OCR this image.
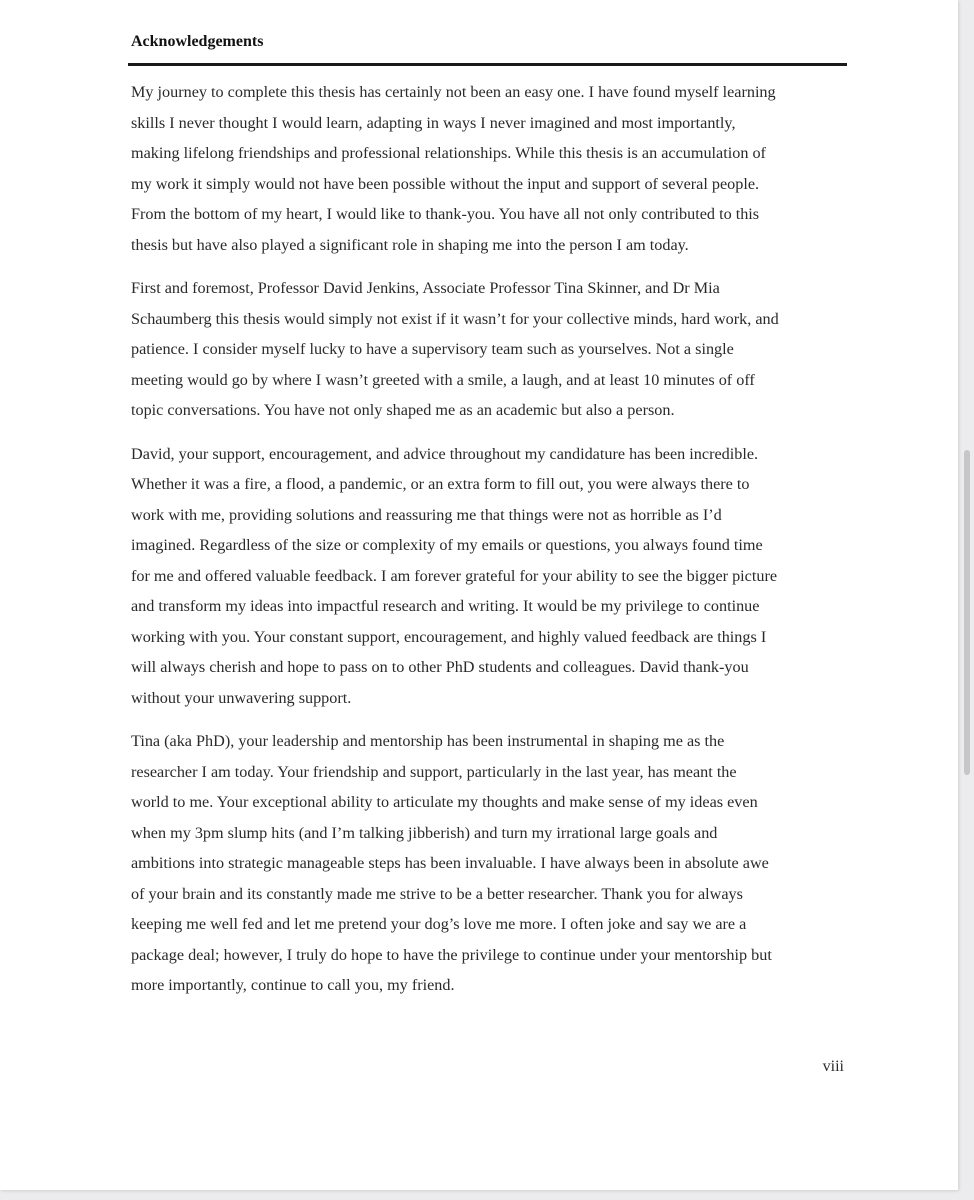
Acknowledgements

My journey to complete this thesis has certainly not been an easy one. I have found myself learning
skills I never thought I would learn, adapting in ways I never imagined and most importantly,
making lifelong friendships and professional relationships. While this thesis is an accumulation of
my work it simply would not have been possible without the input and support of several people.
From the bottom of my heart, I would like to thank-you. You have all not only contributed to this
thesis but have also played a significant role in shaping me into the person I am today.

First and foremost, Professor David Jenkins, Associate Professor Tina Skinner, and Dr Mia
Schaumberg this thesis would simply not exist if it wasn’t for your collective minds, hard work, and
patience. I consider myself lucky to have a supervisory team such as yourselves. Not a single
meeting would go by where I wasn’t greeted with a smile, a laugh, and at least 10 minutes of off
topic conversations. You have not only shaped me as an academic but also a person.

David, your support, encouragement, and advice throughout my candidature has been incredible.
Whether it was a fire, a flood, a pandemic, or an extra form to fill out, you were always there to
work with me, providing solutions and reassuring me that things were not as horrible as I’d
imagined. Regardless of the size or complexity of my emails or questions, you always found time
for me and offered valuable feedback. I am forever grateful for your ability to see the bigger picture
and transform my ideas into impactful research and writing. It would be my privilege to continue
working with you. Your constant support, encouragement, and highly valued feedback are things I
will always cherish and hope to pass on to other PhD students and colleagues. David thank-you
without your unwavering support.

Tina (aka PhD), your leadership and mentorship has been instrumental in shaping me as the
researcher I am today. Your friendship and support, particularly in the last year, has meant the
world to me. Your exceptional ability to articulate my thoughts and make sense of my ideas even
when my 3pm slump hits (and I’m talking jibberish) and turn my irrational large goals and
ambitions into strategic manageable steps has been invaluable. I have always been in absolute awe
of your brain and its constantly made me strive to be a better researcher. Thank you for always
keeping me well fed and let me pretend your dog’s love me more. I often joke and say we are a
package deal; however, I truly do hope to have the privilege to continue under your mentorship but
more importantly, continue to call you, my friend.

viii
